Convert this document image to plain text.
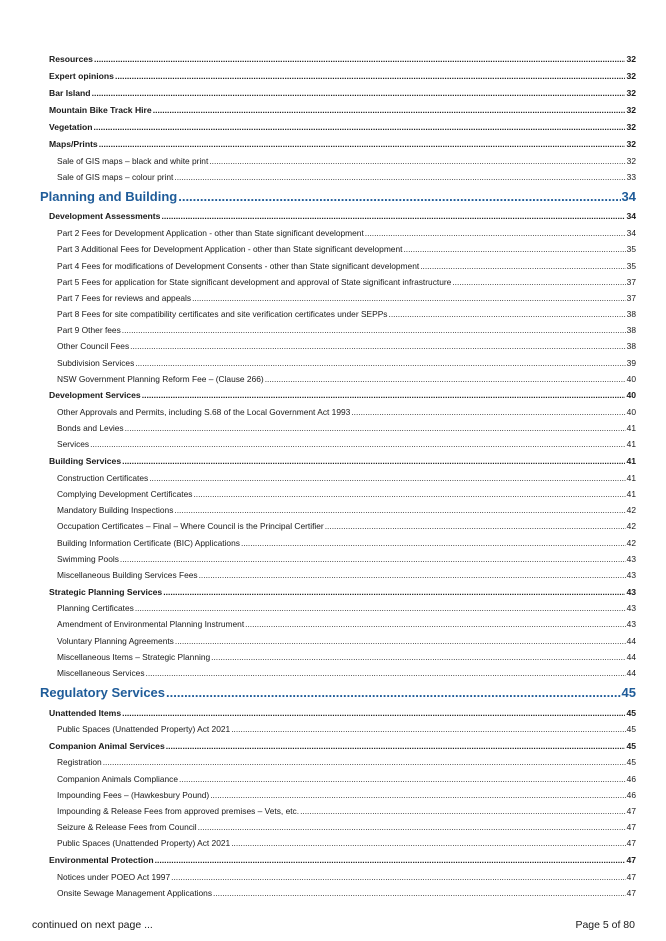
Resources .....	32
Expert opinions .....	32
Bar Island .....	32
Mountain Bike Track Hire .....	32
Vegetation .....	32
Maps/Prints .....	32
Sale of GIS maps – black and white print .....	32
Sale of GIS maps – colour print .....	33
Planning and Building .....	34
Development Assessments .....	34
Part 2 Fees for Development Application - other than State significant development .....	34
Part 3 Additional Fees for Development Application - other than State significant development .....	35
Part 4 Fees for modifications of Development Consents - other than State significant development .....	35
Part 5 Fees for application for State significant development and approval of State significant infrastructure .....	37
Part 7 Fees for reviews and appeals .....	37
Part 8 Fees for site compatibility certificates and site verification certificates under SEPPs .....	38
Part 9 Other fees .....	38
Other Council Fees .....	38
Subdivision Services .....	39
NSW Government Planning Reform Fee – (Clause 266) .....	40
Development Services .....	40
Other Approvals and Permits, including S.68 of the Local Government Act 1993 .....	40
Bonds and Levies .....	41
Services .....	41
Building Services .....	41
Construction Certificates .....	41
Complying Development Certificates .....	41
Mandatory Building Inspections .....	42
Occupation Certificates – Final – Where Council is the Principal Certifier .....	42
Building Information Certificate (BIC) Applications .....	42
Swimming Pools .....	43
Miscellaneous Building Services Fees .....	43
Strategic Planning Services .....	43
Planning Certificates .....	43
Amendment of Environmental Planning Instrument .....	43
Voluntary Planning Agreements .....	44
Miscellaneous Items – Strategic Planning .....	44
Miscellaneous Services .....	44
Regulatory Services .....	45
Unattended Items .....	45
Public Spaces (Unattended Property) Act 2021 .....	45
Companion Animal Services .....	45
Registration .....	45
Companion Animals Compliance .....	46
Impounding Fees – (Hawkesbury Pound) .....	46
Impounding & Release Fees from approved premises – Vets, etc. .....	47
Seizure & Release Fees from Council .....	47
Public Spaces (Unattended Property) Act 2021 .....	47
Environmental Protection .....	47
Notices under POEO Act 1997 .....	47
Onsite Sewage Management Applications .....	47
continued on next page ...	Page 5 of 80
